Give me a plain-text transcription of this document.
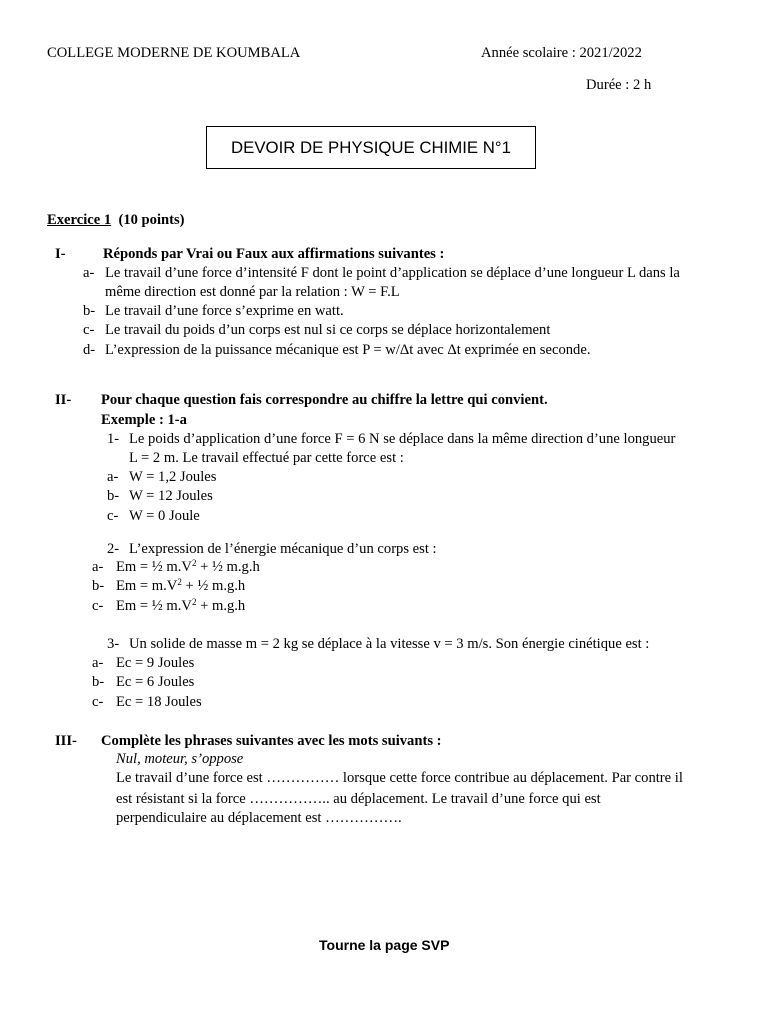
COLLEGE MODERNE DE KOUMBALA	Année scolaire : 2021/2022
Durée : 2 h
DEVOIR DE PHYSIQUE CHIMIE N°1
Exercice 1 (10 points)
I-	Réponds par Vrai ou Faux aux affirmations suivantes :
a- Le travail d’une force d’intensité F dont le point d’application se déplace d’une longueur L dans la
même direction est donné par la relation : W = F.L
b- Le travail d’une force s’exprime en watt.
c- Le travail du poids d’un corps est nul si ce corps se déplace horizontalement
d- L’expression de la puissance mécanique est P = w/Δt avec Δt exprimée en seconde.
II- Pour chaque question fais correspondre au chiffre la lettre qui convient.
Exemple : 1-a
1- Le poids d’application d’une force F = 6 N se déplace dans la même direction d’une longueur
L = 2 m. Le travail effectué par cette force est :
a- W = 1,2 Joules
b- W = 12 Joules
c- W = 0 Joule
2- L’expression de l’énergie mécanique d’un corps est :
a- Em = ½ $m.V^2$ + ½ m.g.h
b- $Em = m.V^2$ + ½ m.g.h
c- Em = ½ $m.V^2 + m.g.h$
3- Un solide de masse m = 2 kg se déplace à la vitesse v = 3 m/s. Son énergie cinétique est :
a- Ec = 9 Joules
b- Ec = 6 Joules
c- Ec = 18 Joules
III- Complète les phrases suivantes avec les mots suivants :
Nul, moteur, s’oppose
Le travail d’une force est …………… lorsque cette force contribue au déplacement. Par contre il
est résistant si la force …………….. au déplacement. Le travail d’une force qui est
perpendiculaire au déplacement est …………….
Tourne la page SVP
